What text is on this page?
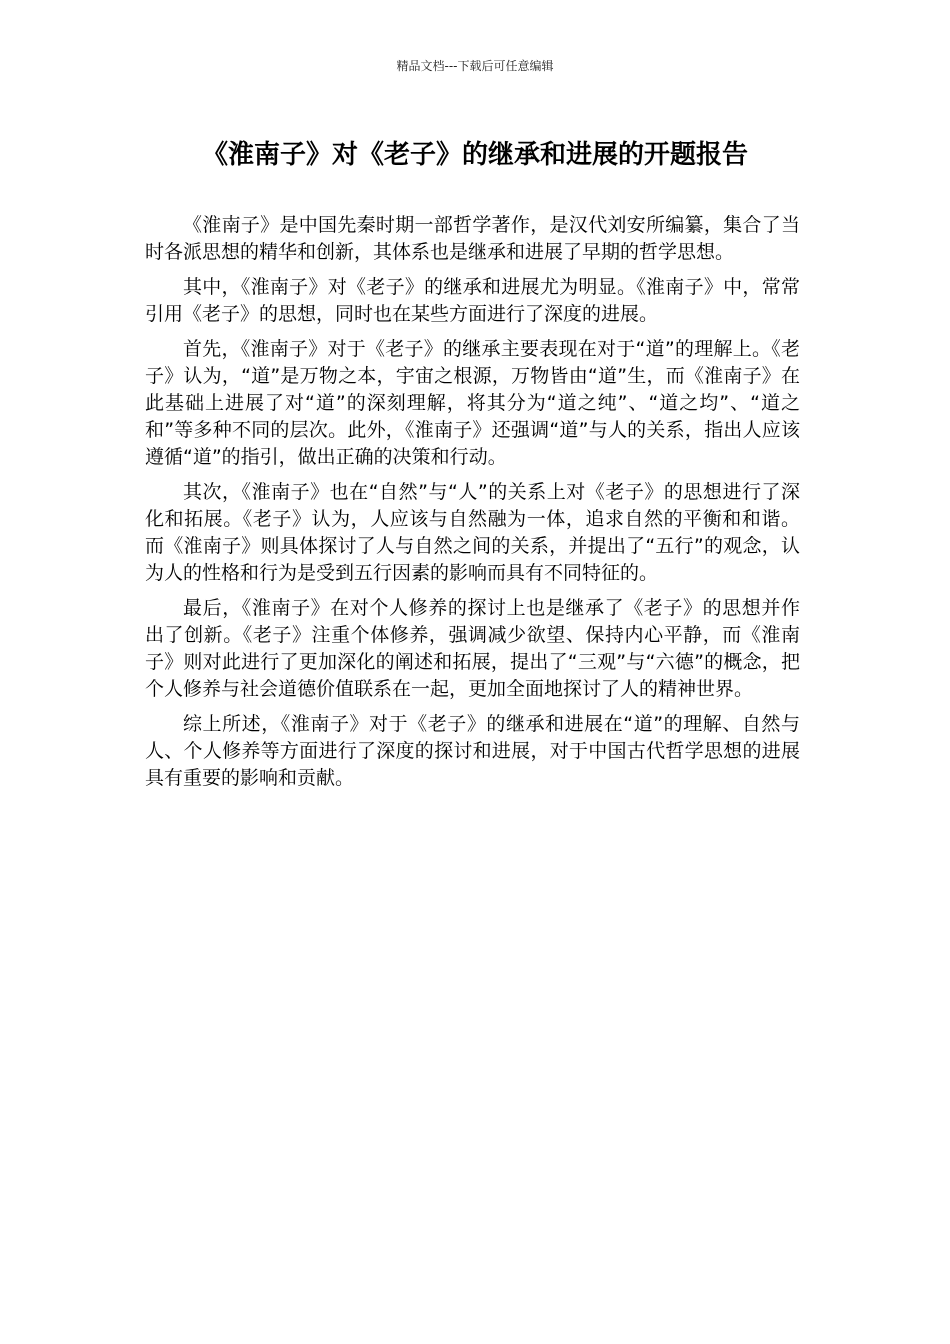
精品文档---下载后可任意编辑
《淮南子》对《老子》的继承和进展的开题报告

《淮南子》是中国先秦时期一部哲学著作，是汉代刘安所编纂，集合了当时各派思想的精华和创新，其体系也是继承和进展了早期的哲学思想。

其中，《淮南子》对《老子》的继承和进展尤为明显。《淮南子》中，常常引用《老子》的思想，同时也在某些方面进行了深度的进展。

首先，《淮南子》对于《老子》的继承主要表现在对于“道”的理解上。《老子》认为，“道”是万物之本，宇宙之根源，万物皆由“道”生，而《淮南子》在此基础上进展了对“道”的深刻理解，将其分为“道之纯”、“道之均”、“道之和”等多种不同的层次。此外，《淮南子》还强调“道”与人的关系，指出人应该遵循“道”的指引，做出正确的决策和行动。

其次，《淮南子》也在“自然”与“人”的关系上对《老子》的思想进行了深化和拓展。《老子》认为，人应该与自然融为一体，追求自然的平衡和和谐。而《淮南子》则具体探讨了人与自然之间的关系，并提出了“五行”的观念，认为人的性格和行为是受到五行因素的影响而具有不同特征的。

最后，《淮南子》在对个人修养的探讨上也是继承了《老子》的思想并作出了创新。《老子》注重个体修养，强调减少欲望、保持内心平静，而《淮南子》则对此进行了更加深化的阐述和拓展，提出了“三观”与“六德”的概念，把个人修养与社会道德价值联系在一起，更加全面地探讨了人的精神世界。

综上所述，《淮南子》对于《老子》的继承和进展在“道”的理解、自然与人、个人修养等方面进行了深度的探讨和进展，对于中国古代哲学思想的进展具有重要的影响和贡献。
